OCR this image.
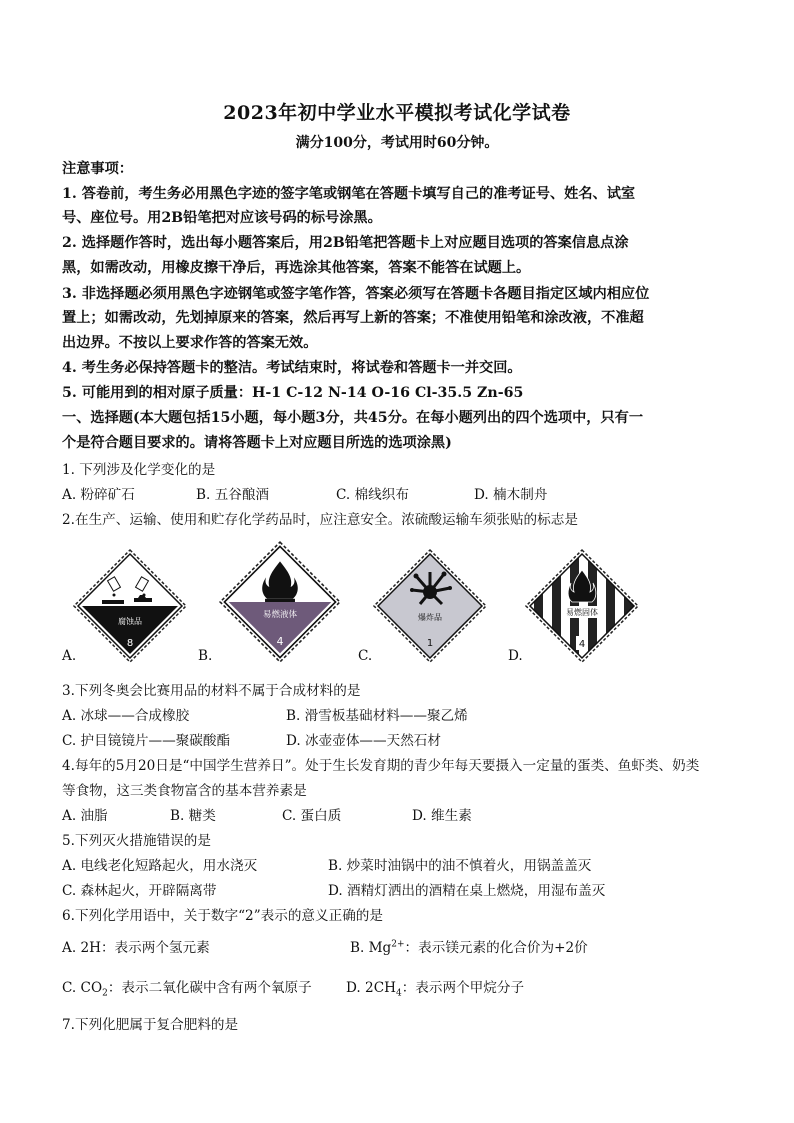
2023年初中学业水平模拟考试化学试卷
满分100分，考试用时60分钟。
注意事项：
1. 答卷前，考生务必用黑色字迹的签字笔或钢笔在答题卡填写自己的准考证号、姓名、试室
号、座位号。用2B铅笔把对应该号码的标号涂黑。
2. 选择题作答时，选出每小题答案后，用2B铅笔把答题卡上对应题目选项的答案信息点涂
黑，如需改动，用橡皮擦干净后，再选涂其他答案，答案不能答在试题上。
3. 非选择题必须用黑色字迹钢笔或签字笔作答，答案必须写在答题卡各题目指定区域内相应位
置上；如需改动，先划掉原来的答案，然后再写上新的答案；不准使用铅笔和涂改液，不准超
出边界。不按以上要求作答的答案无效。
4. 考生务必保持答题卡的整洁。考试结束时，将试卷和答题卡一并交回。
5. 可能用到的相对原子质量：H-1 C-12 N-14 O-16 Cl-35.5 Zn-65
一、选择题(本大题包括15小题，每小题3分，共45分。在每小题列出的四个选项中，只有一
个是符合题目要求的。请将答题卡上对应题目所选的选项涂黑)
1. 下列涉及化学变化的是
A. 粉碎矿石	B. 五谷酿酒	C. 棉线织布	D. 楠木制舟
2.在生产、运输、使用和贮存化学药品时，应注意安全。浓硫酸运输车须张贴的标志是
腐蚀品
8
A.
易燃液体
4
B.
爆炸品
1
C.
易燃固体
4
D.
3.下列冬奥会比赛用品的材料不属于合成材料的是
A. 冰球——合成橡胶	B. 滑雪板基础材料——聚乙烯
C. 护目镜镜片——聚碳酸酯	D. 冰壶壶体——天然石材
4.每年的5月20日是“中国学生营养日”。处于生长发育期的青少年每天要摄入一定量的蛋类、鱼虾类、奶类
等食物，这三类食物富含的基本营养素是
A. 油脂	B. 糖类	C. 蛋白质	D. 维生素
5.下列灭火措施错误的是
A. 电线老化短路起火，用水浇灭	B. 炒菜时油锅中的油不慎着火，用锅盖盖灭
C. 森林起火，开辟隔离带	D. 酒精灯洒出的酒精在桌上燃烧，用湿布盖灭
6.下列化学用语中，关于数字“2”表示的意义正确的是
A. 2H：表示两个氢元素	B. $Mg^{2+}$：表示镁元素的化合价为+2价
C. $CO_2$：表示二氧化碳中含有两个氧原子	D. $2CH_4$：表示两个甲烷分子
7.下列化肥属于复合肥料的是
